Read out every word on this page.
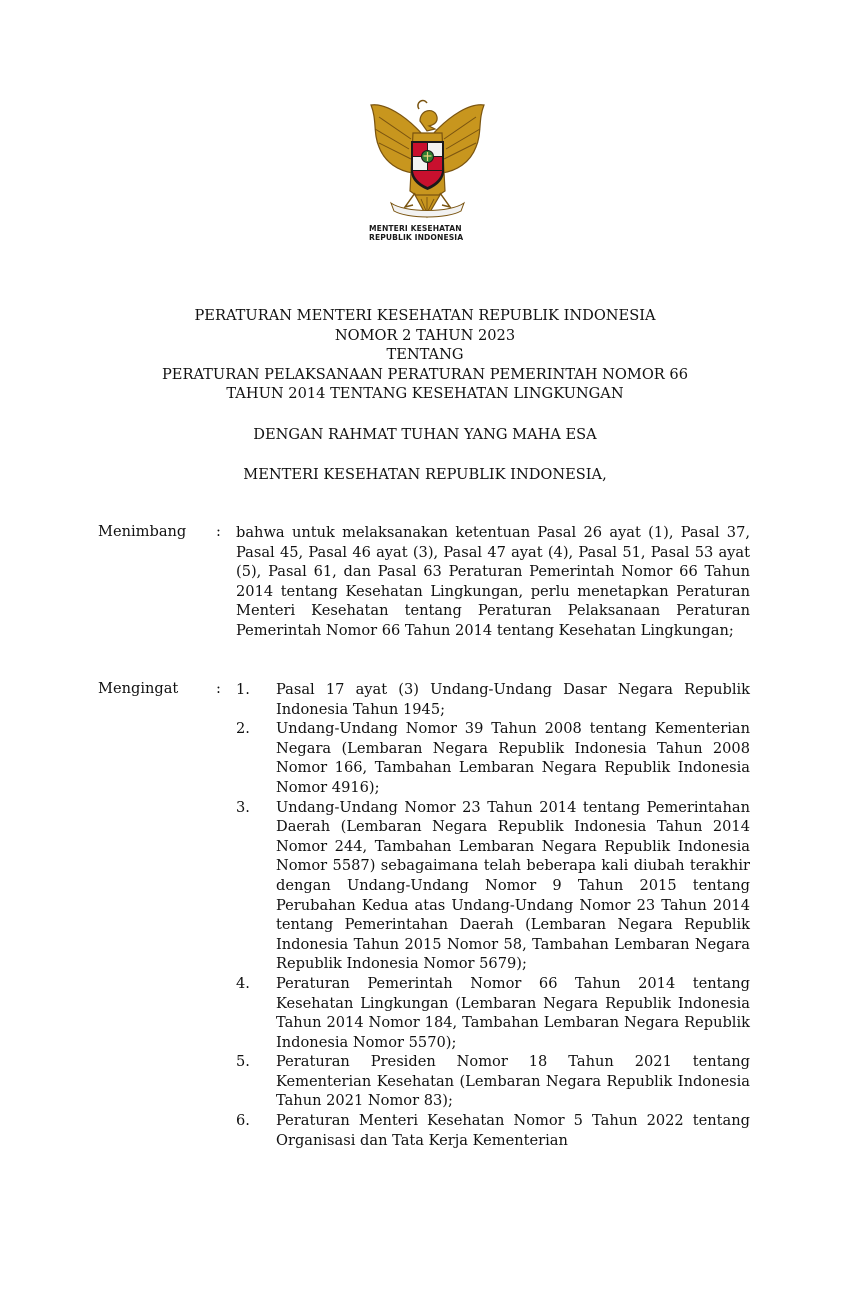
MENTERI KESEHATAN
REPUBLIK INDONESIA
PERATURAN MENTERI KESEHATAN REPUBLIK INDONESIA
NOMOR 2 TAHUN 2023
TENTANG
PERATURAN PELAKSANAAN PERATURAN PEMERINTAH NOMOR 66
TAHUN 2014 TENTANG KESEHATAN LINGKUNGAN
DENGAN RAHMAT TUHAN YANG MAHA ESA
MENTERI KESEHATAN REPUBLIK INDONESIA,
Menimbang : bahwa untuk melaksanakan ketentuan Pasal 26 ayat (1), Pasal 37, Pasal 45, Pasal 46 ayat (3), Pasal 47 ayat (4), Pasal 51, Pasal 53 ayat (5), Pasal 61, dan Pasal 63 Peraturan Pemerintah Nomor 66 Tahun 2014 tentang Kesehatan Lingkungan, perlu menetapkan Peraturan Menteri Kesehatan tentang Peraturan Pelaksanaan Peraturan Pemerintah Nomor 66 Tahun 2014 tentang Kesehatan Lingkungan;

Mengingat	: 1. Pasal 17 ayat (3) Undang-Undang Dasar Negara Republik Indonesia Tahun 1945;
2. Undang-Undang Nomor 39 Tahun 2008 tentang Kementerian Negara (Lembaran Negara Republik Indonesia Tahun 2008 Nomor 166, Tambahan Lembaran Negara Republik Indonesia Nomor 4916);
3. Undang-Undang Nomor 23 Tahun 2014 tentang Pemerintahan Daerah (Lembaran Negara Republik Indonesia Tahun 2014 Nomor 244, Tambahan Lembaran Negara Republik Indonesia Nomor 5587) sebagaimana telah beberapa kali diubah terakhir dengan Undang-Undang Nomor 9 Tahun 2015 tentang Perubahan Kedua atas Undang-Undang Nomor 23 Tahun 2014 tentang Pemerintahan Daerah (Lembaran Negara Republik Indonesia Tahun 2015 Nomor 58, Tambahan Lembaran Negara Republik Indonesia Nomor 5679);
4. Peraturan Pemerintah Nomor 66 Tahun 2014 tentang Kesehatan Lingkungan (Lembaran Negara Republik Indonesia Tahun 2014 Nomor 184, Tambahan Lembaran Negara Republik Indonesia Nomor 5570);
5. Peraturan Presiden Nomor 18 Tahun 2021 tentang Kementerian Kesehatan (Lembaran Negara Republik Indonesia Tahun 2021 Nomor 83);
6. Peraturan Menteri Kesehatan Nomor 5 Tahun 2022 tentang Organisasi dan Tata Kerja Kementerian
